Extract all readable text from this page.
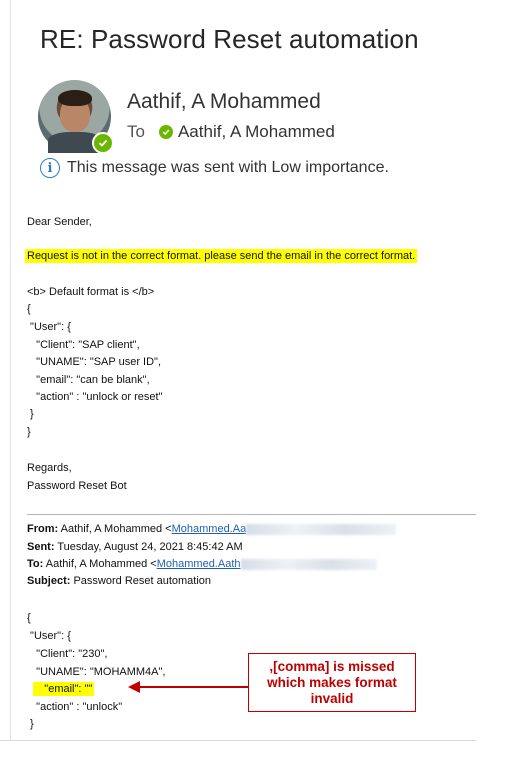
RE: Password Reset automation
Aathif, A Mohammed
To Aathif, A Mohammed
i This message was sent with Low importance.
Dear Sender,
Request is not in the correct format. please send the email in the correct format.
<b> Default format is </b>
{
"User": {
"Client": "SAP client",
"UNAME": "SAP user ID",
"email": "can be blank",
"action" : "unlock or reset"
}
}
Regards,
Password Reset Bot
From: Aathif, A Mohammed <Mohammed.Aa
Sent: Tuesday, August 24, 2021 8:45:42 AM
To: Aathif, A Mohammed <Mohammed.Aath
Subject: Password Reset automation
{
"User": {
"Client": "230",
"UNAME": "MOHAMM4A",
"email": ""
"action" : "unlock"
}
,[comma] is missed which makes format invalid
